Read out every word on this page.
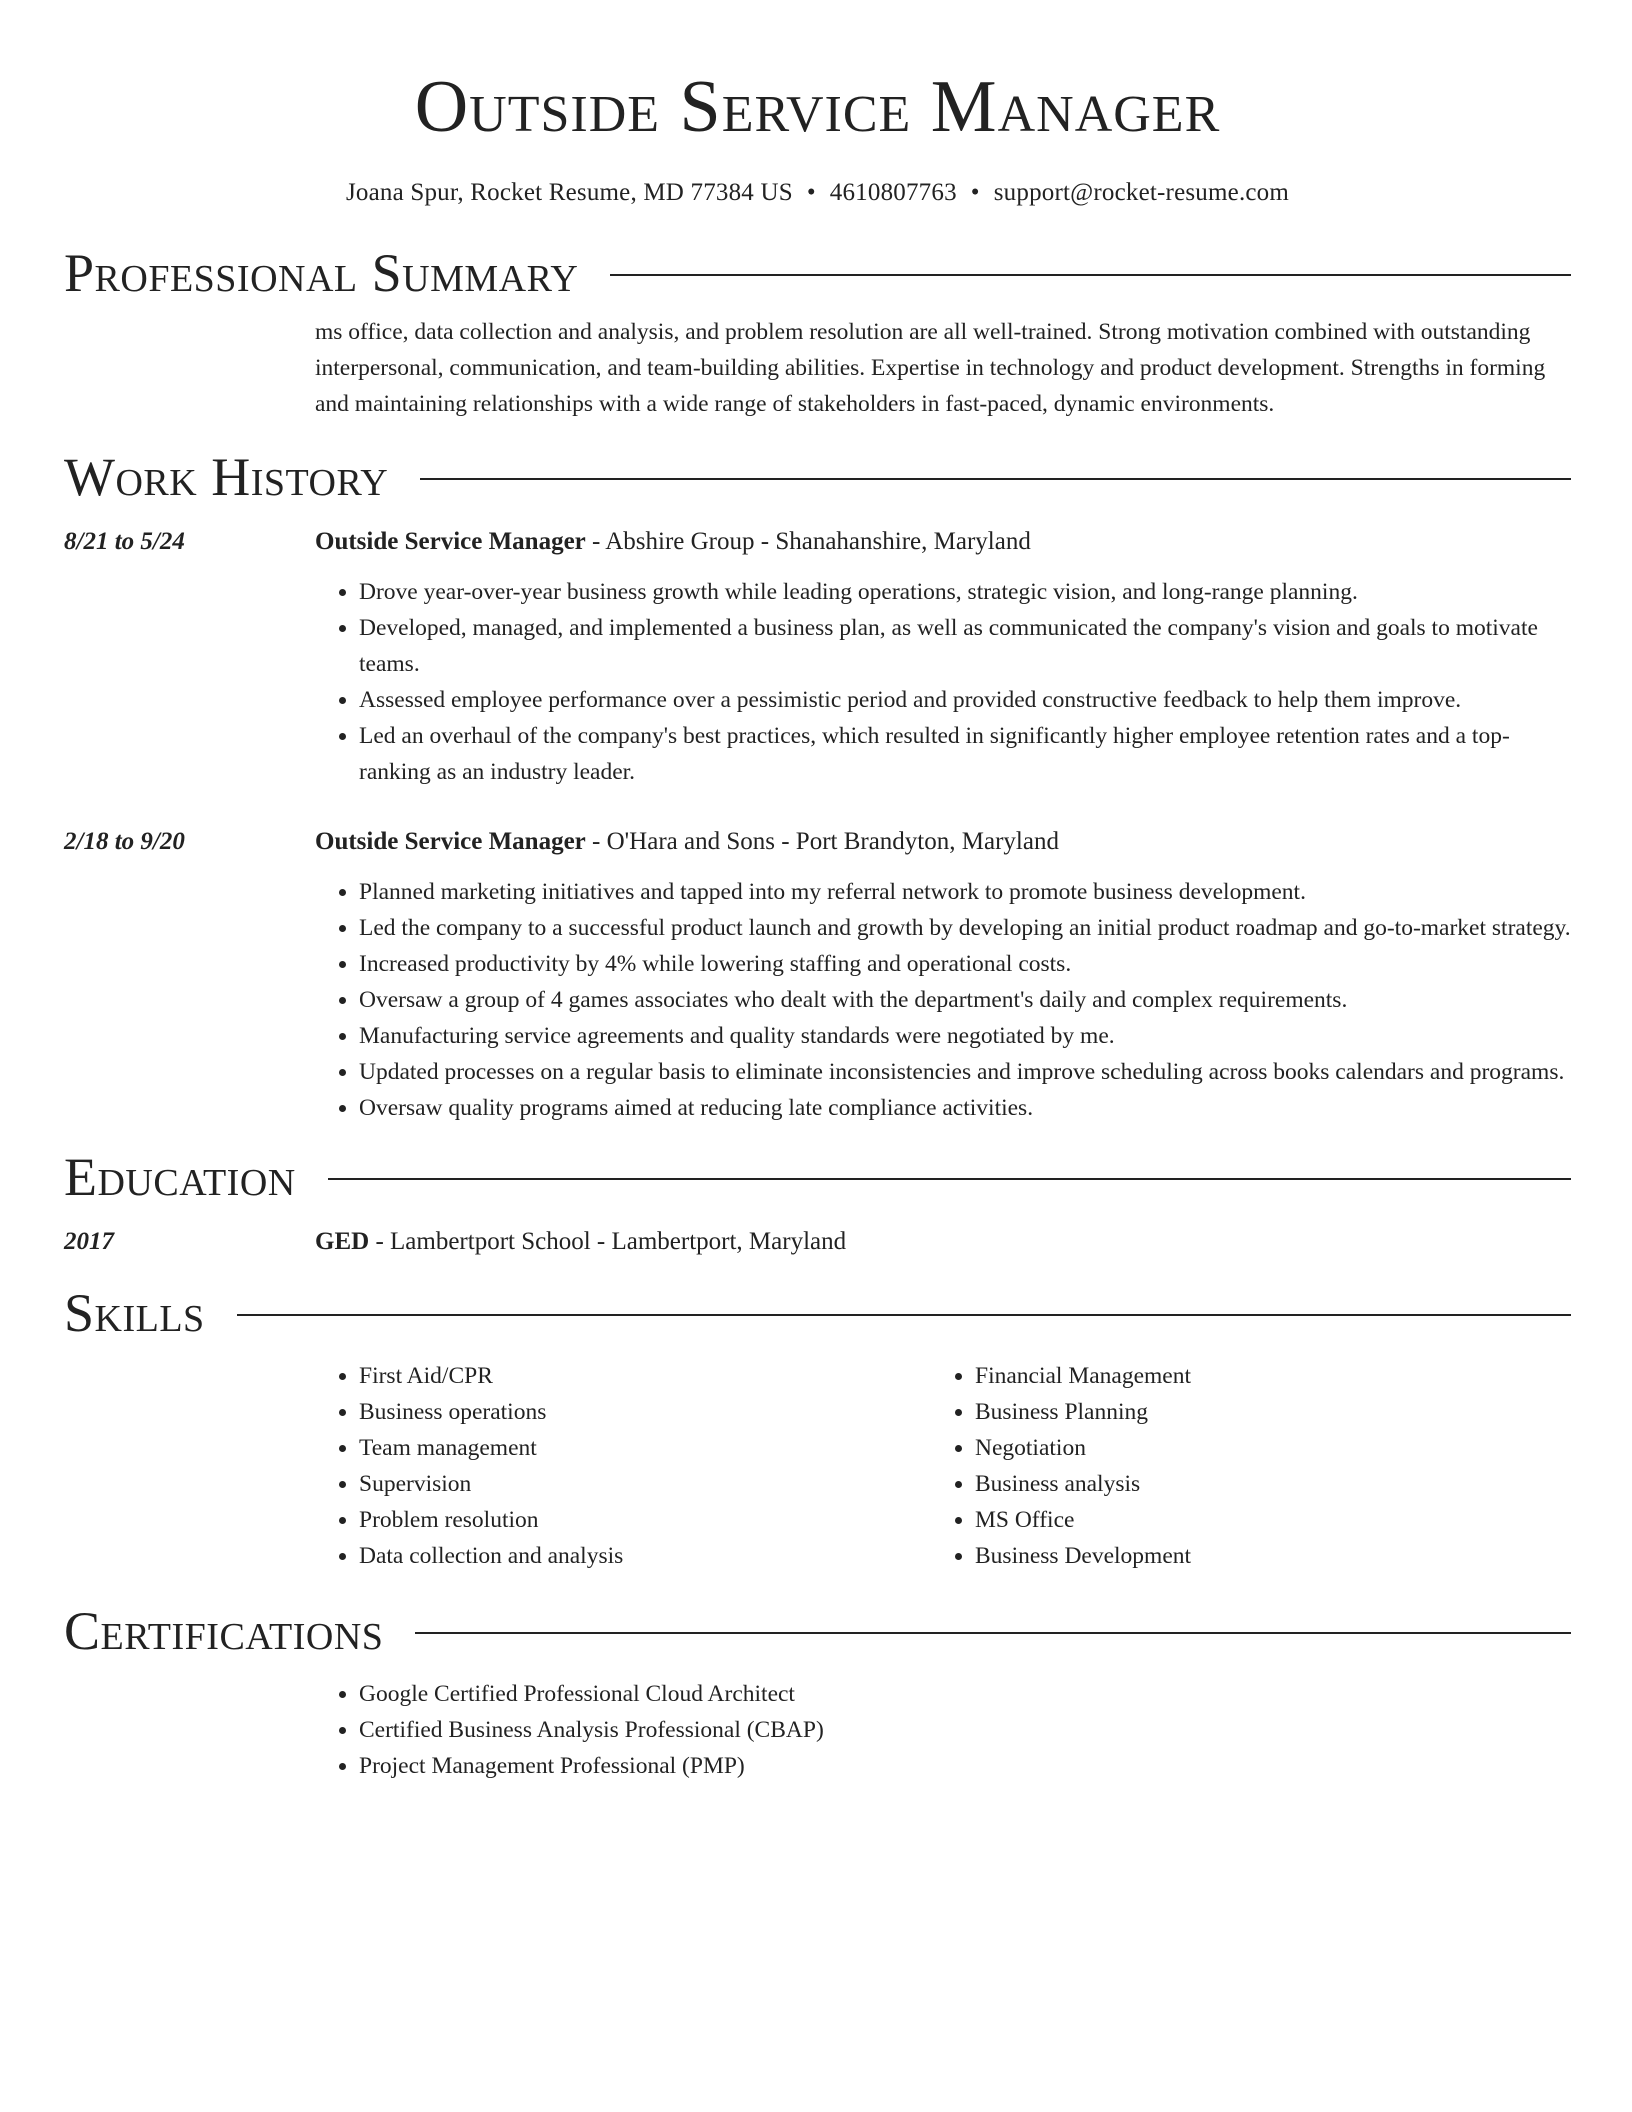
Outside Service Manager
Joana Spur, Rocket Resume, MD 77384 US • 4610807763 • support@rocket-resume.com
Professional Summary
ms office, data collection and analysis, and problem resolution are all well-trained. Strong motivation combined with outstanding interpersonal, communication, and team-building abilities. Expertise in technology and product development. Strengths in forming and maintaining relationships with a wide range of stakeholders in fast-paced, dynamic environments.
Work History
8/21 to 5/24	Outside Service Manager - Abshire Group - Shanahanshire, Maryland
• Drove year-over-year business growth while leading operations, strategic vision, and long-range planning.
• Developed, managed, and implemented a business plan, as well as communicated the company's vision and goals to motivate teams.
• Assessed employee performance over a pessimistic period and provided constructive feedback to help them improve.
• Led an overhaul of the company's best practices, which resulted in significantly higher employee retention rates and a top-ranking as an industry leader.
2/18 to 9/20	Outside Service Manager - O'Hara and Sons - Port Brandyton, Maryland
• Planned marketing initiatives and tapped into my referral network to promote business development.
• Led the company to a successful product launch and growth by developing an initial product roadmap and go-to-market strategy.
• Increased productivity by 4% while lowering staffing and operational costs.
• Oversaw a group of 4 games associates who dealt with the department's daily and complex requirements.
• Manufacturing service agreements and quality standards were negotiated by me.
• Updated processes on a regular basis to eliminate inconsistencies and improve scheduling across books calendars and programs.
• Oversaw quality programs aimed at reducing late compliance activities.
Education
2017	GED - Lambertport School - Lambertport, Maryland
Skills
• First Aid/CPR
• Business operations
• Team management
• Supervision
• Problem resolution
• Data collection and analysis
• Financial Management
• Business Planning
• Negotiation
• Business analysis
• MS Office
• Business Development
Certifications
• Google Certified Professional Cloud Architect
• Certified Business Analysis Professional (CBAP)
• Project Management Professional (PMP)
